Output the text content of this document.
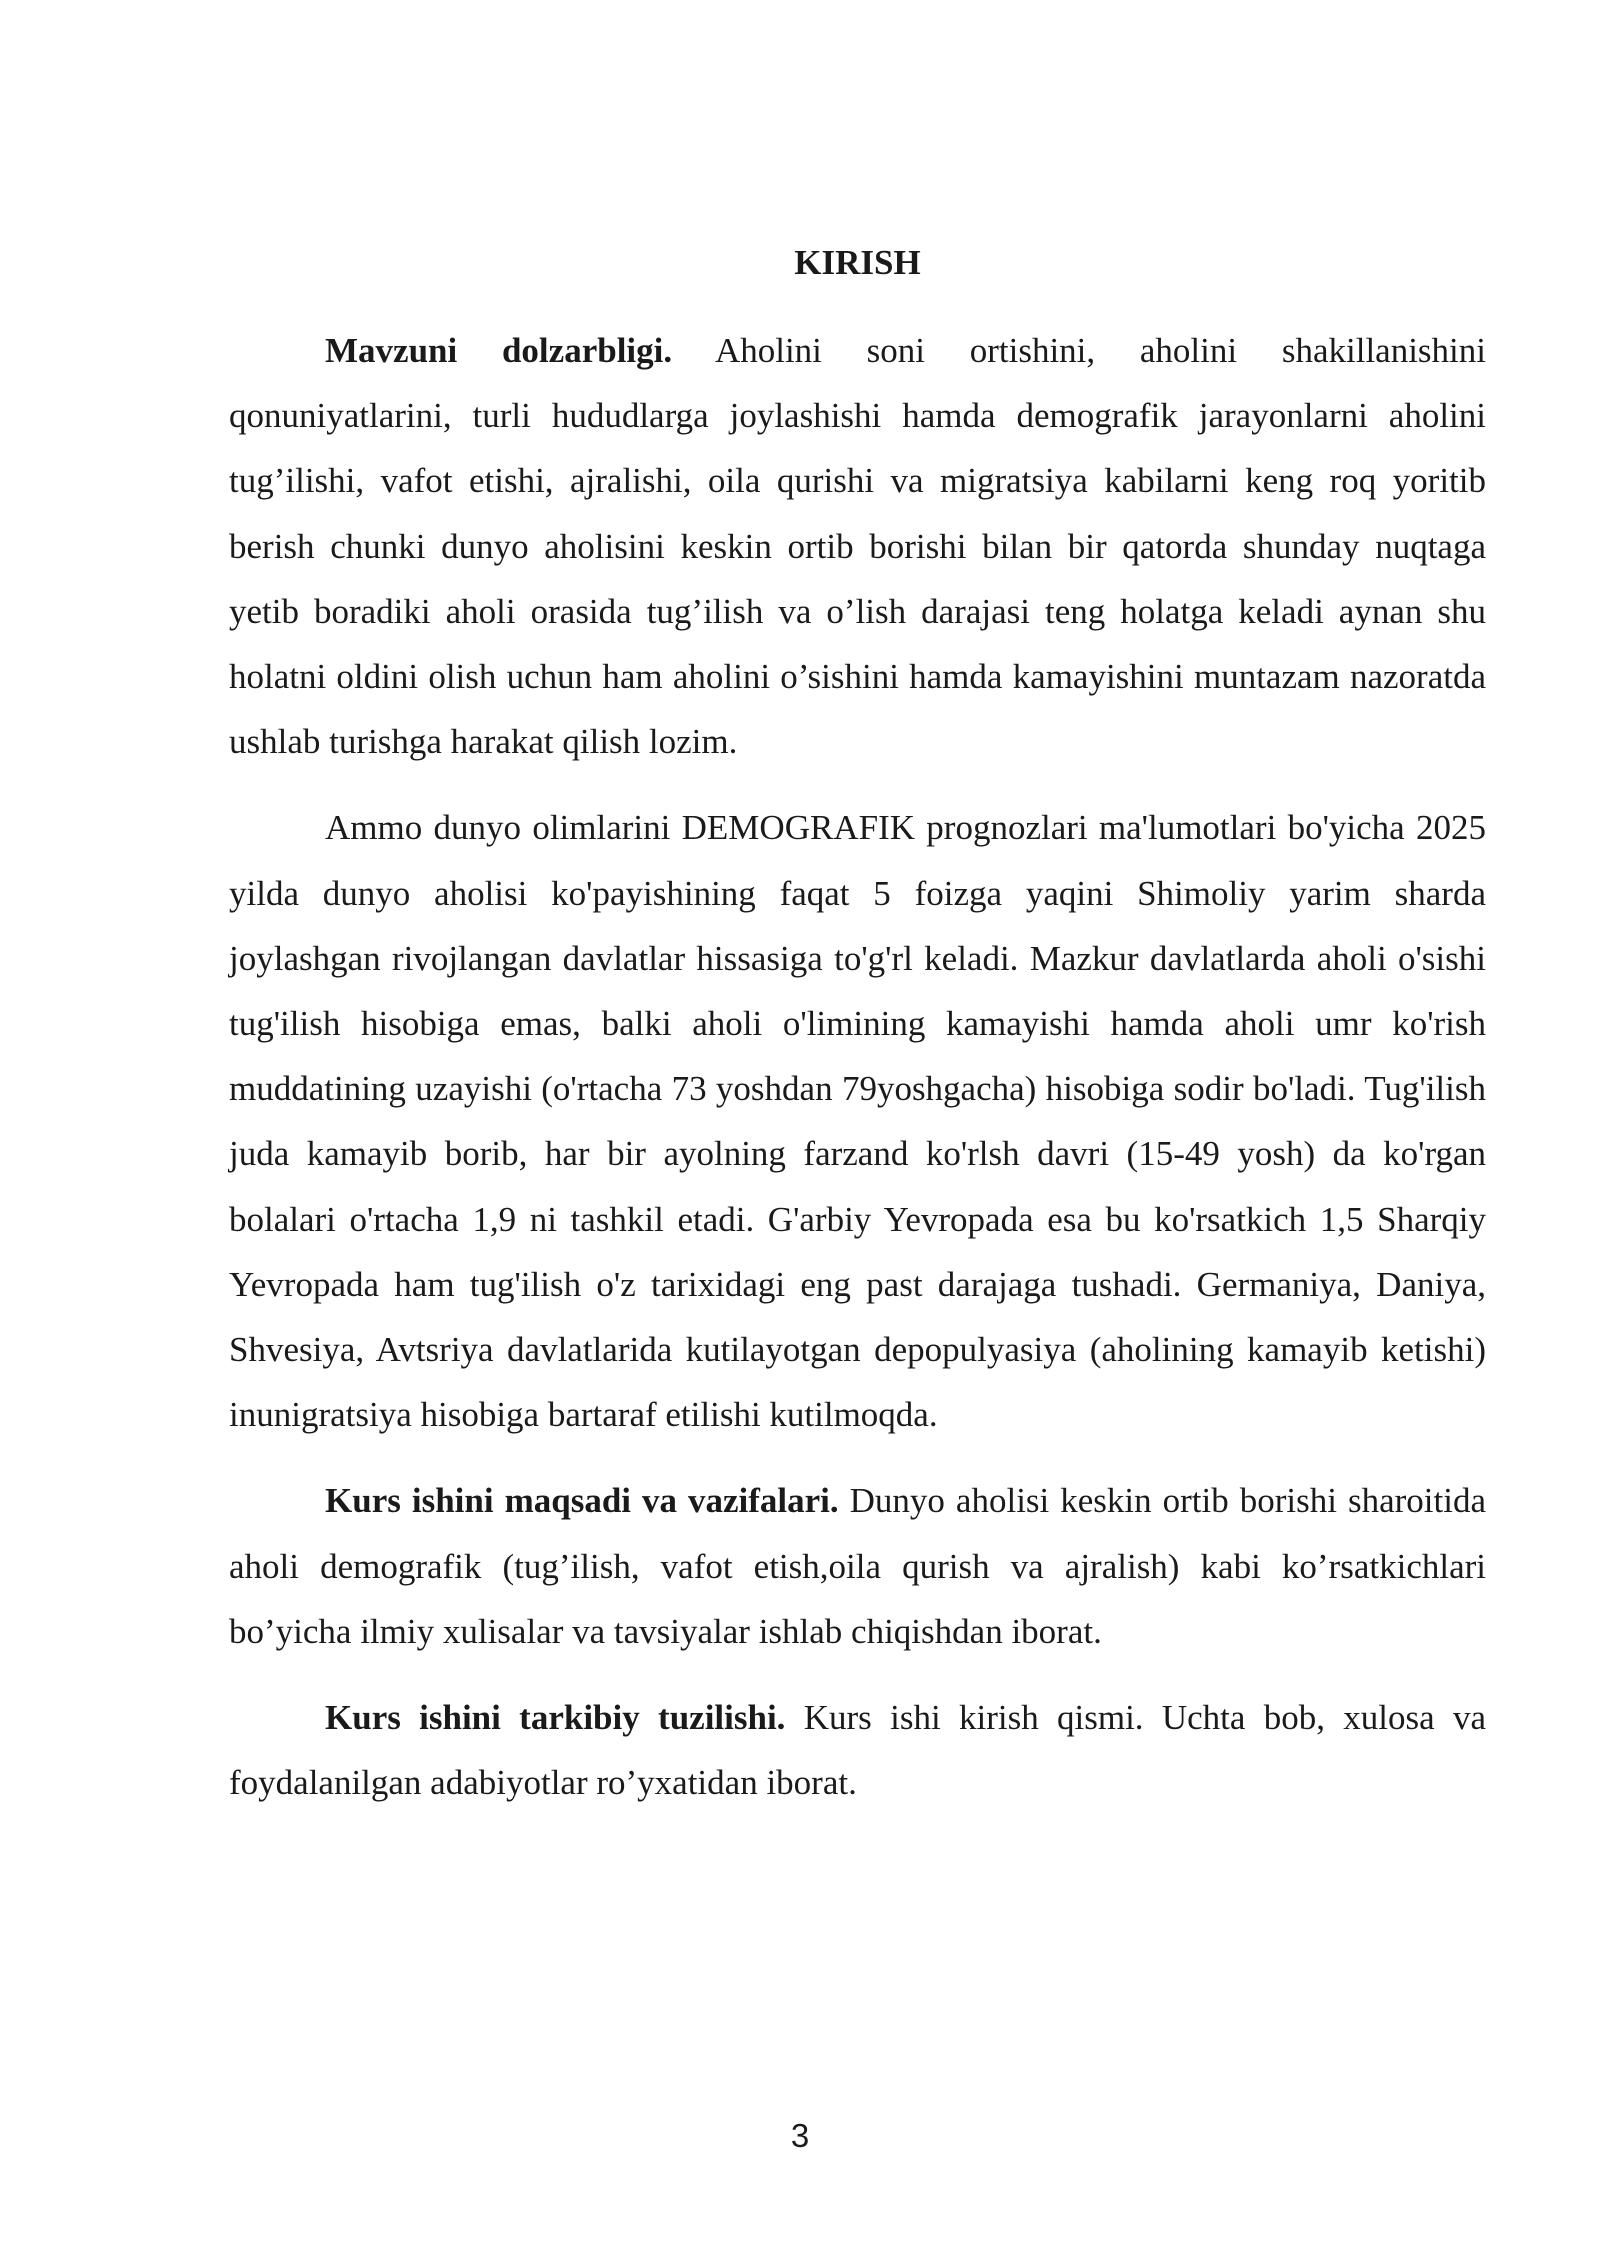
KIRISH

Mavzuni dolzarbligi. Aholini soni ortishini, aholini shakillanishini qonuniyatlarini, turli hududlarga joylashishi hamda demografik jarayonlarni aholini tug’ilishi, vafot etishi, ajralishi, oila qurishi va migratsiya kabilarni keng roq yoritib berish chunki dunyo aholisini keskin ortib borishi bilan bir qatorda shunday nuqtaga yetib boradiki aholi orasida tug’ilish va o’lish darajasi teng holatga keladi aynan shu holatni oldini olish uchun ham aholini o’sishini hamda kamayishini muntazam nazoratda ushlab turishga harakat qilish lozim.

Ammo dunyo olimlarini DEMOGRAFIK prognozlari ma'lumotlari bo'yicha 2025 yilda dunyo aholisi ko'payishining faqat 5 foizga yaqini Shimoliy yarim sharda joylashgan rivojlangan davlatlar hissasiga to'g'rl keladi. Mazkur davlatlarda aholi o'sishi tug'ilish hisobiga emas, balki aholi o'limining kamayishi hamda aholi umr ko'rish muddatining uzayishi (o'rtacha 73 yoshdan 79yoshgacha) hisobiga sodir bo'ladi. Tug'ilish juda kamayib borib, har bir ayolning farzand ko'rlsh davri (15-49 yosh) da ko'rgan bolalari o'rtacha 1,9 ni tashkil etadi. G'arbiy Yevropada esa bu ko'rsatkich 1,5 Sharqiy Yevropada ham tug'ilish o'z tarixidagi eng past darajaga tushadi. Germaniya, Daniya, Shvesiya, Avtsriya davlatlarida kutilayotgan depopulyasiya (aholining kamayib ketishi) inunigratsiya hisobiga bartaraf etilishi kutilmoqda.

Kurs ishini maqsadi va vazifalari. Dunyo aholisi keskin ortib borishi sharoitida aholi demografik (tug’ilish, vafot etish,oila qurish va ajralish) kabi ko’rsatkichlari bo’yicha ilmiy xulisalar va tavsiyalar ishlab chiqishdan iborat.

Kurs ishini tarkibiy tuzilishi. Kurs ishi kirish qismi. Uchta bob, xulosa va foydalanilgan adabiyotlar ro’yxatidan iborat.

3
